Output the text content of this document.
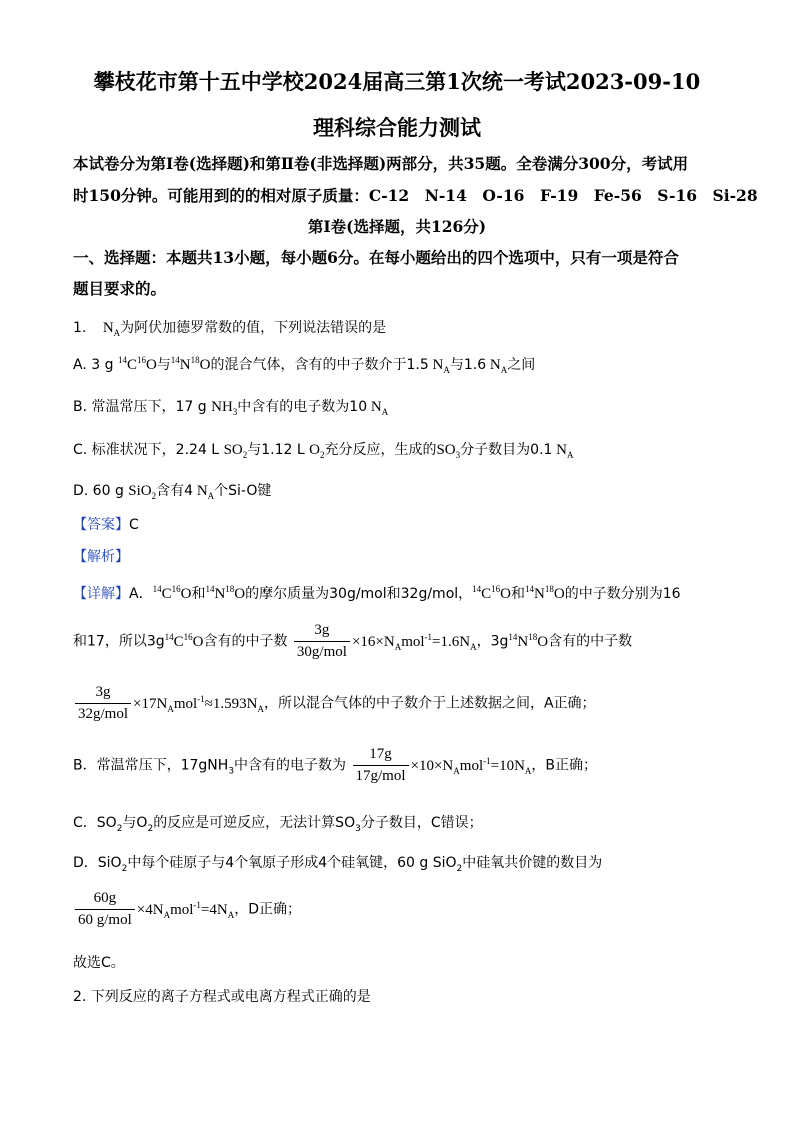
攀枝花市第十五中学校2024届高三第1次统一考试2023-09-10
理科综合能力测试
本试卷分为第Ⅰ卷(选择题)和第Ⅱ卷(非选择题)两部分，共35题。全卷满分300分，考试用
时150分钟。可能用到的的相对原子质量：C-12　N-14　O-16　F-19　Fe-56　S-16　Si-28
第Ⅰ卷(选择题，共126分)
一、选择题：本题共13小题，每小题6分。在每小题给出的四个选项中，只有一项是符合
题目要求的。
1. $N_A$为阿伏加德罗常数的值，下列说法错误的是
A. 3 g $^{14}C^{16}O$与$^{14}N^{18}O$的混合气体，含有的中子数介于1.5 $N_A$与1.6 $N_A$之间
B. 常温常压下，17 g $NH_3$中含有的电子数为10 $N_A$
C. 标准状况下，2.24 L $SO_2$与1.12 L $O_2$充分反应，生成的$SO_3$分子数目为0.1 $N_A$
D. 60 g SiO$_2$含有4 $N_A$个Si-O键
【答案】C
【解析】
【详解】A．$^{14}C^{16}O$和$^{14}N^{18}O$的摩尔质量为30g/mol和32g/mol，$^{14}C^{16}O$和$^{14}N^{18}O$的中子数分别为16
和17，所以$3g^{14}C^{16}O$含有的中子数 $\frac{3g}{\text{30g/mol}} \times 16\times N_Amol^{-1}=1.6N_A$，$3g^{14}N^{18}O$含有的中子数
$\frac{3g}{\text{32g/mol}} \times 17N_Amol^{-1}\approx 1.593N_A$，所以混合气体的中子数介于上述数据之间，A正确；
B．常温常压下，17gNH$_3$中含有的电子数为 $\frac{17g}{\text{17g/mol}} \times 10\times N_Amol^{-1}=10N_A$，B正确；
C．$SO_2$与$O_2$的反应是可逆反应，无法计算$SO_3$分子数目，C错误；
D．SiO$_2$中每个硅原子与4个氧原子形成4个硅氧键，60 g SiO$_2$中硅氧共价键的数目为
$\frac{60g}{\text{60 g/mol}} \times 4N_Amol^{-1}=4N_A$，D正确；
故选C。
2. 下列反应的离子方程式或电离方程式正确的是
